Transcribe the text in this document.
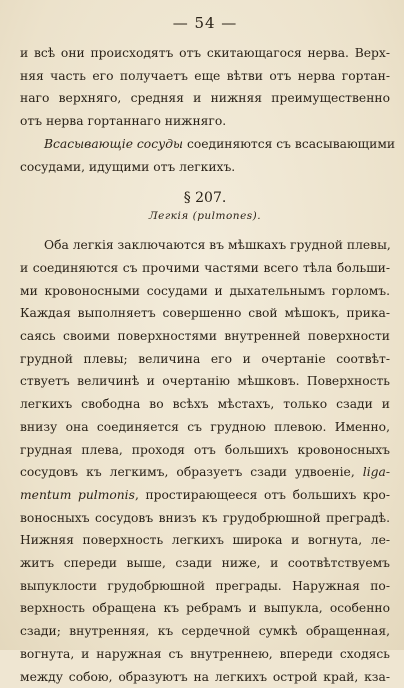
— 54 —
и всѣ они происходятъ отъ скитающагося нерва. Верх-
няя часть его получаетъ еще вѣтви отъ нерва гортан-
наго верхняго, средняя и нижняя преимущественно
отъ нерва гортаннаго нижняго.
Всасывающіе сосуды соединяются съ всасывающими
сосудами, идущими отъ легкихъ.
§ 207.
Легкія (pulmones).
Оба легкія заключаются въ мѣшкахъ грудной плевы,
и соединяются съ прочими частями всего тѣла больши-
ми кровоносными сосудами и дыхательнымъ горломъ.
Каждая выполняетъ совершенно свой мѣшокъ, прика-
саясь своими поверхностями внутренней поверхности
грудной плевы; величина его и очертаніе соотвѣт-
ствуетъ величинѣ и очертанію мѣшковъ. Поверхность
легкихъ свободна во всѣхъ мѣстахъ, только сзади и
внизу она соединяется съ грудною плевою. Именно,
грудная плева, проходя отъ большихъ кровоносныхъ
сосудовъ къ легкимъ, образуетъ сзади удвоеніе, liga-
mentum pulmonis, простирающееся отъ большихъ кро-
воносныхъ сосудовъ внизъ къ грудобрюшной преградѣ.
Нижняя поверхность легкихъ широка и вогнута, ле-
житъ спереди выше, сзади ниже, и соотвѣтствуемъ
выпуклости грудобрюшной преграды. Наружная по-
верхность обращена къ ребрамъ и выпукла, особенно
сзади; внутренняя, къ сердечной сумкѣ обращенная,
вогнута, и наружная съ внутреннею, впереди сходясь
между собою, образуютъ на легкихъ острой край, кза-
